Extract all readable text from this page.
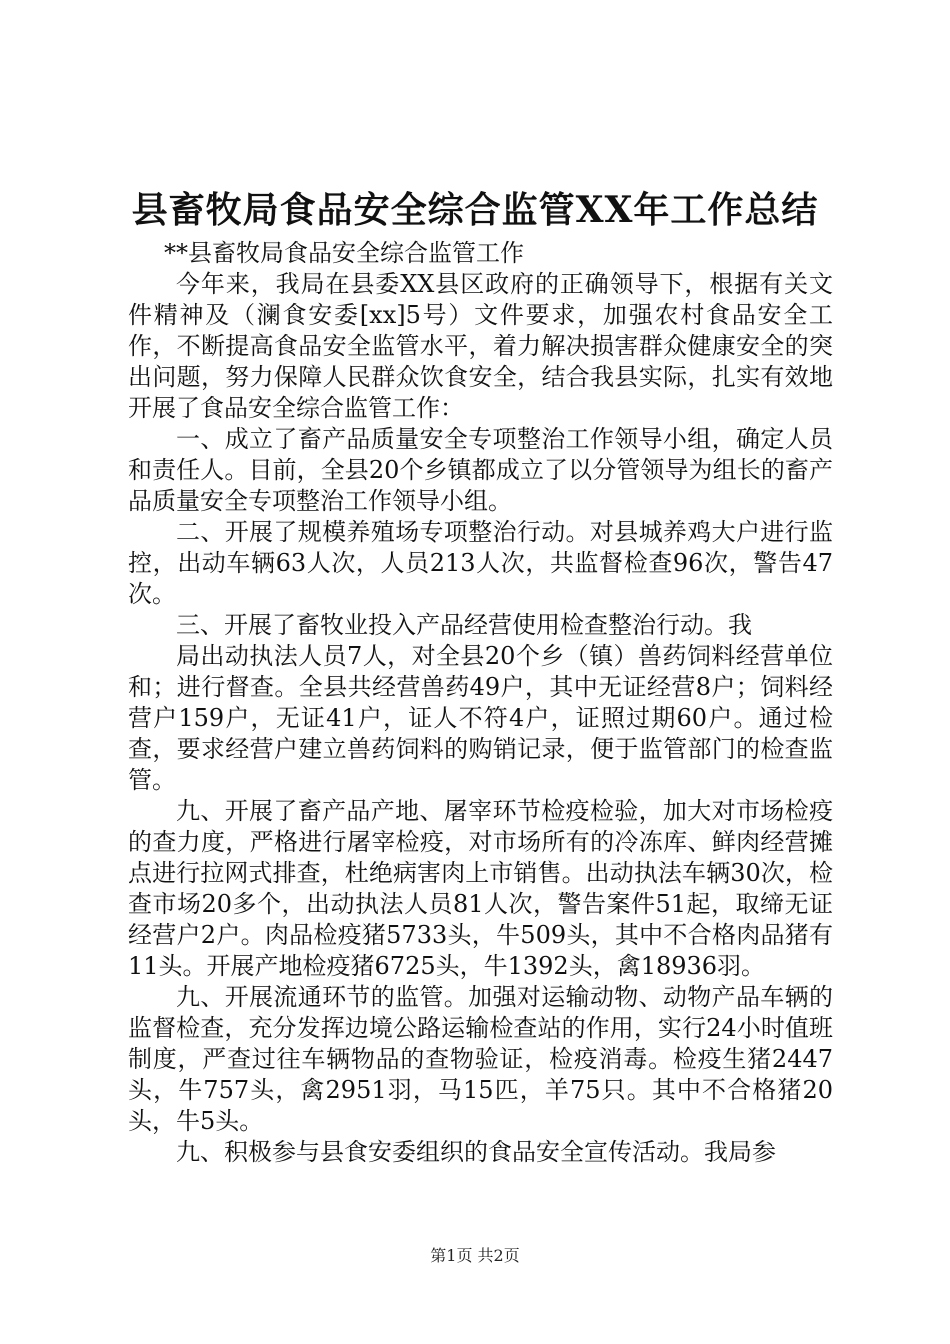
县畜牧局食品安全综合监管XX年工作总结

**县畜牧局食品安全综合监管工作

今年来，我局在县委XX县区政府的正确领导下，根据有关文件精神及（澜食安委[xx]5号）文件要求，加强农村食品安全工作，不断提高食品安全监管水平，着力解决损害群众健康安全的突出问题，努力保障人民群众饮食安全，结合我县实际，扎实有效地开展了食品安全综合监管工作：

一、成立了畜产品质量安全专项整治工作领导小组，确定人员和责任人。目前，全县20个乡镇都成立了以分管领导为组长的畜产品质量安全专项整治工作领导小组。

二、开展了规模养殖场专项整治行动。对县城养鸡大户进行监控，出动车辆63人次，人员213人次，共监督检查96次，警告47次。

三、开展了畜牧业投入产品经营使用检查整治行动。我

局出动执法人员7人，对全县20个乡（镇）兽药饲料经营单位和；进行督查。全县共经营兽药49户，其中无证经营8户；饲料经营户159户，无证41户，证人不符4户，证照过期60户。通过检查，要求经营户建立兽药饲料的购销记录，便于监管部门的检查监管。

九、开展了畜产品产地、屠宰环节检疫检验，加大对市场检疫的查力度，严格进行屠宰检疫，对市场所有的冷冻库、鲜肉经营摊点进行拉网式排查，杜绝病害肉上市销售。出动执法车辆30次，检查市场20多个，出动执法人员81人次，警告案件51起，取缔无证经营户2户。肉品检疫猪5733头，牛509头，其中不合格肉品猪有11头。开展产地检疫猪6725头，牛1392头，禽18936羽。

九、开展流通环节的监管。加强对运输动物、动物产品车辆的监督检查，充分发挥边境公路运输检查站的作用，实行24小时值班制度，严查过往车辆物品的查物验证，检疫消毒。检疫生猪2447头，牛757头，禽2951羽，马15匹，羊75只。其中不合格猪20头，牛5头。

九、积极参与县食安委组织的食品安全宣传活动。我局参

第1页 共2页
